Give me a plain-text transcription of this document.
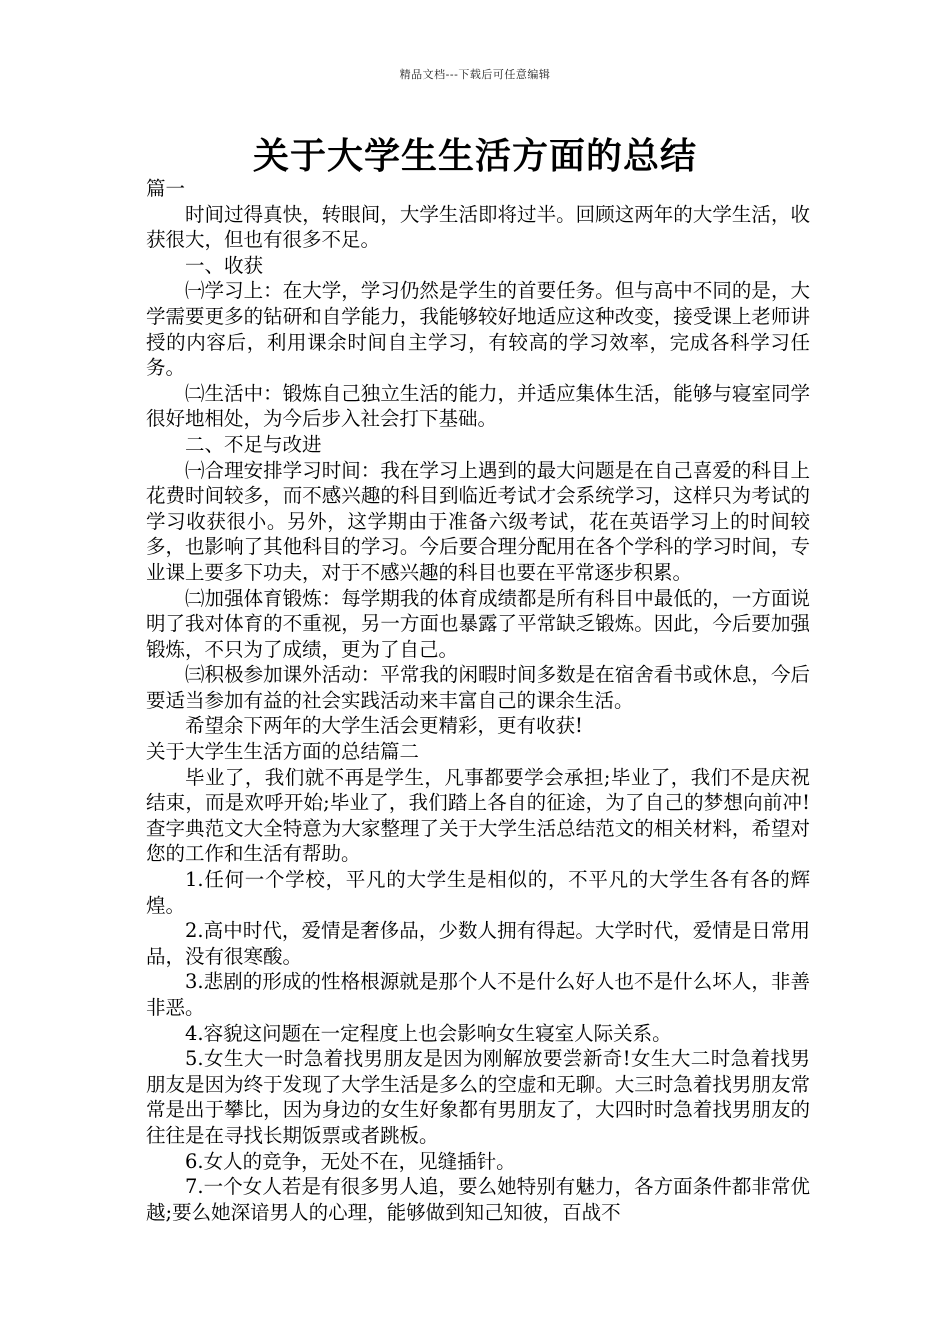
精品文档---下载后可任意编辑
关于大学生生活方面的总结

篇一

时间过得真快，转眼间，大学生活即将过半。回顾这两年的大学生活，收获很大，但也有很多不足。

一、收获

㈠学习上：在大学，学习仍然是学生的首要任务。但与高中不同的是，大学需要更多的钻研和自学能力，我能够较好地适应这种改变，接受课上老师讲授的内容后，利用课余时间自主学习，有较高的学习效率，完成各科学习任务。

㈡生活中：锻炼自己独立生活的能力，并适应集体生活，能够与寝室同学很好地相处，为今后步入社会打下基础。

二、不足与改进

㈠合理安排学习时间：我在学习上遇到的最大问题是在自己喜爱的科目上花费时间较多，而不感兴趣的科目到临近考试才会系统学习，这样只为考试的学习收获很小。另外，这学期由于准备六级考试，花在英语学习上的时间较多，也影响了其他科目的学习。今后要合理分配用在各个学科的学习时间，专业课上要多下功夫，对于不感兴趣的科目也要在平常逐步积累。

㈡加强体育锻炼：每学期我的体育成绩都是所有科目中最低的，一方面说明了我对体育的不重视，另一方面也暴露了平常缺乏锻炼。因此，今后要加强锻炼，不只为了成绩，更为了自己。

㈢积极参加课外活动：平常我的闲暇时间多数是在宿舍看书或休息，今后要适当参加有益的社会实践活动来丰富自己的课余生活。

希望余下两年的大学生活会更精彩，更有收获!

关于大学生生活方面的总结篇二

毕业了，我们就不再是学生，凡事都要学会承担;毕业了，我们不是庆祝结束，而是欢呼开始;毕业了，我们踏上各自的征途，为了自己的梦想向前冲!查字典范文大全特意为大家整理了关于大学生活总结范文的相关材料，希望对您的工作和生活有帮助。

1.任何一个学校，平凡的大学生是相似的，不平凡的大学生各有各的辉煌。

2.高中时代，爱情是奢侈品，少数人拥有得起。大学时代，爱情是日常用品，没有很寒酸。

3.悲剧的形成的性格根源就是那个人不是什么好人也不是什么坏人，非善非恶。

4.容貌这问题在一定程度上也会影响女生寝室人际关系。

5.女生大一时急着找男朋友是因为刚解放要尝新奇!女生大二时急着找男朋友是因为终于发现了大学生活是多么的空虚和无聊。大三时急着找男朋友常常是出于攀比，因为身边的女生好象都有男朋友了，大四时时急着找男朋友的往往是在寻找长期饭票或者跳板。

6.女人的竞争，无处不在，见缝插针。

7.一个女人若是有很多男人追，要么她特别有魅力，各方面条件都非常优越;要么她深谙男人的心理，能够做到知己知彼，百战不
